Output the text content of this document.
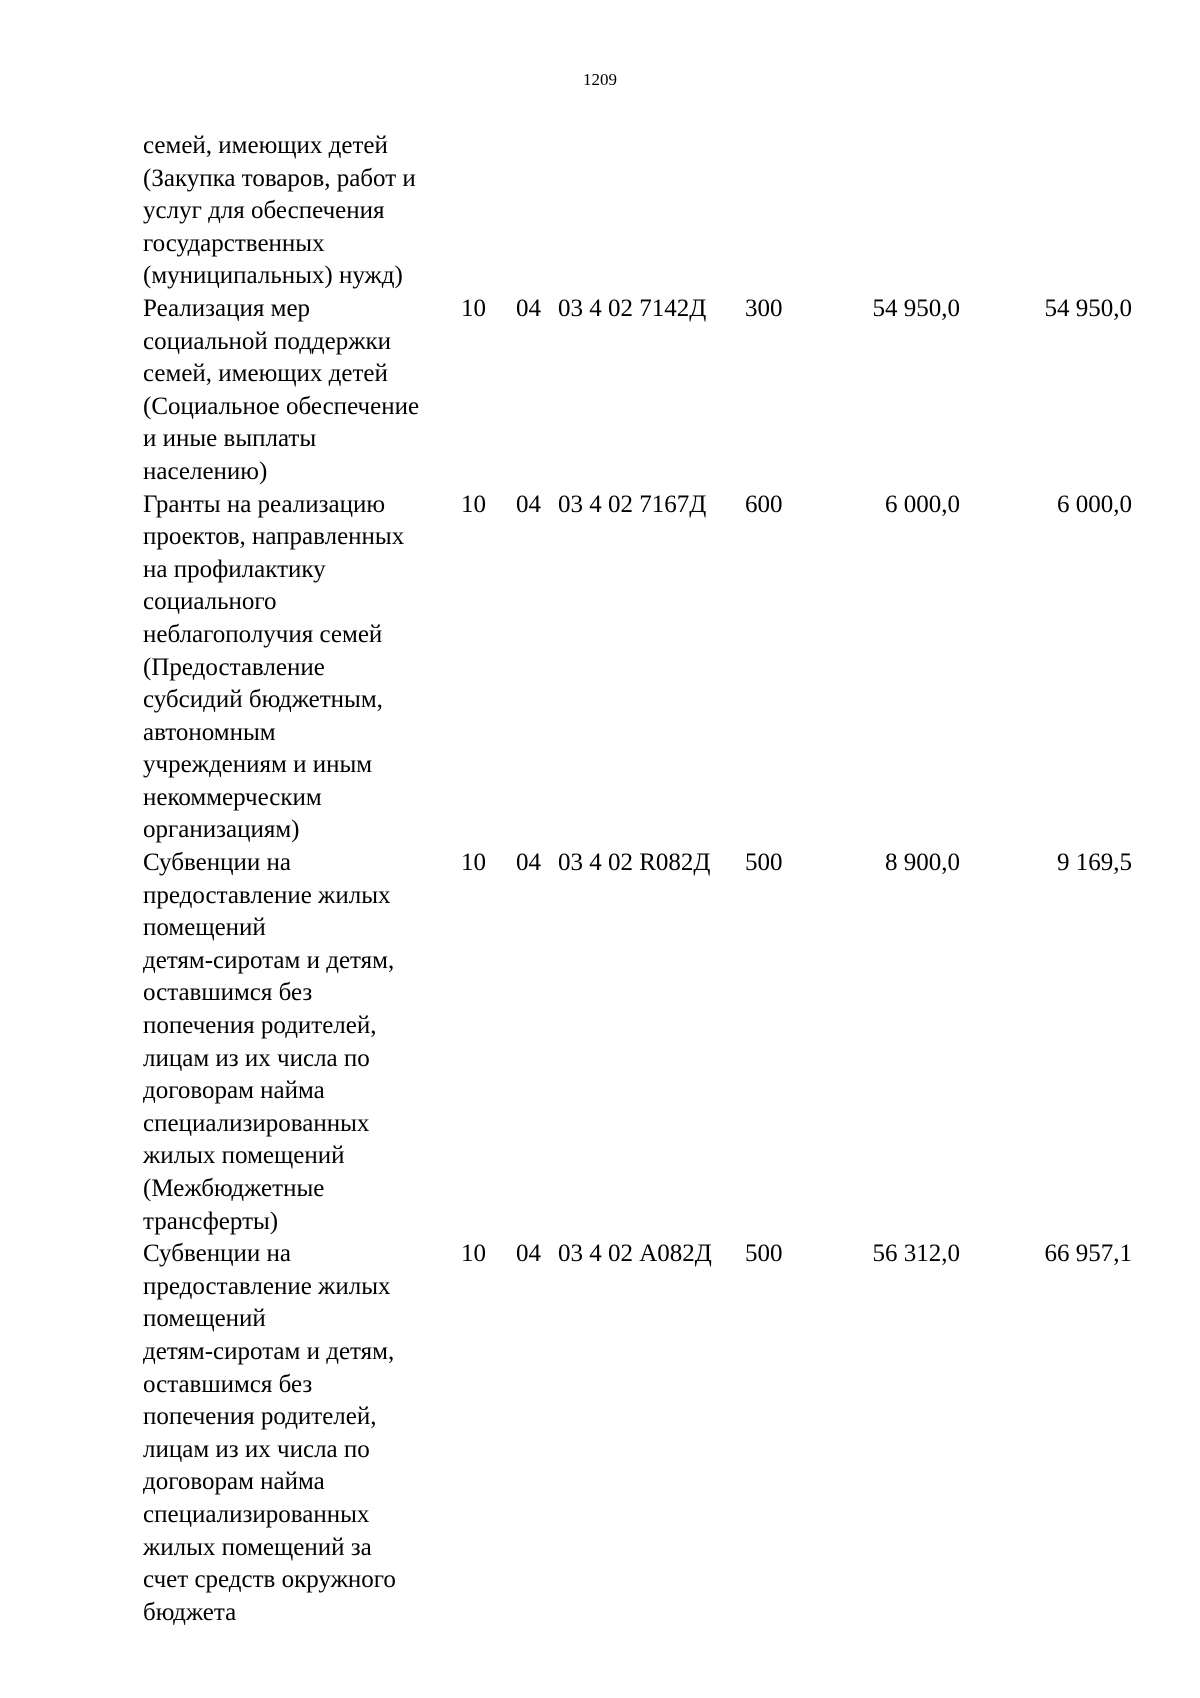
1209
семей, имеющих детей
(Закупка товаров, работ и
услуг для обеспечения
государственных
(муниципальных) нужд)
Реализация мер
социальной поддержки
семей, имеющих детей
(Социальное обеспечение
и иные выплаты
населению)
10 04 03 4 02 7142Д 300	54 950,0	54 950,0
Гранты на реализацию
проектов, направленных
на профилактику
социального
неблагополучия семей
(Предоставление
субсидий бюджетным,
автономным
учреждениям и иным
некоммерческим
организациям)
10 04 03 4 02 7167Д 600	6 000,0	6 000,0
Субвенции на
предоставление жилых
помещений
детям-сиротам и детям,
оставшимся без
попечения родителей,
лицам из их числа по
договорам найма
специализированных
жилых помещений
(Межбюджетные
трансферты)
10 04 03 4 02 R082Д 500	8 900,0	9 169,5
Субвенции на
предоставление жилых
помещений
детям-сиротам и детям,
оставшимся без
попечения родителей,
лицам из их числа по
договорам найма
специализированных
жилых помещений за
счет средств окружного
бюджета
10 04 03 4 02 А082Д 500	56 312,0	66 957,1
